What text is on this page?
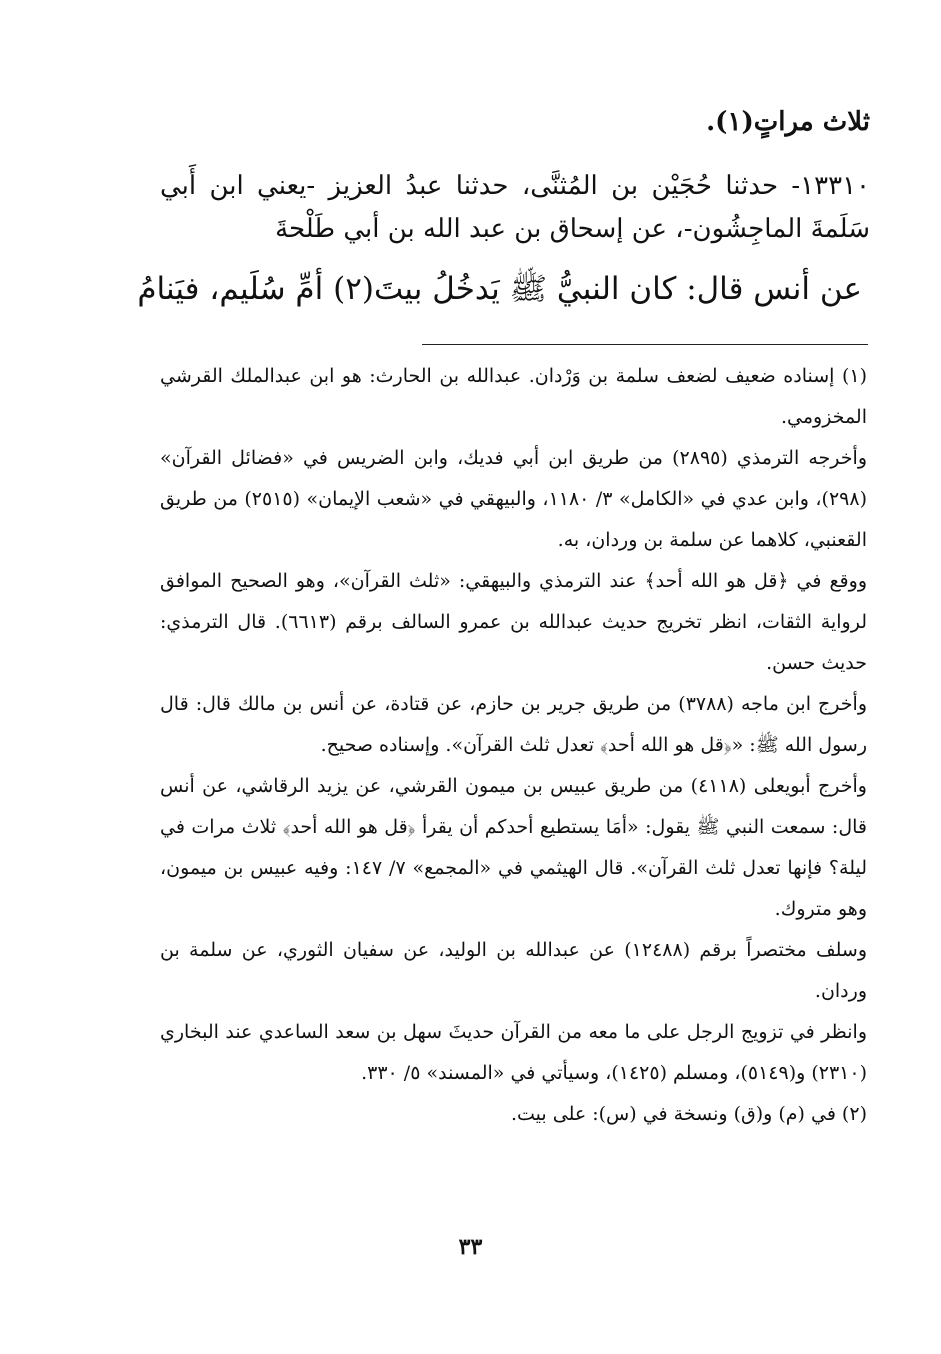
ثلاث مراتٍ(١).
١٣٣١٠- حدثنا حُجَيْن بن المُثنَّى، حدثنا عبدُ العزيز -يعني ابن أَبي سَلَمةَ الماجِشُون-، عن إسحاق بن عبد الله بن أبي طَلْحةَ
عن أنس قال: كان النبيُّ ﷺ يَدخُلُ بيتَ(٢) أمِّ سُلَيم، فيَنامُ

(١) إسناده ضعيف لضعف سلمة بن وَرْدان. عبدالله بن الحارث: هو ابن عبدالملك القرشي المخزومي.

وأخرجه الترمذي (٢٨٩٥) من طريق ابن أبي فديك، وابن الضريس في «فضائل القرآن» (٢٩٨)، وابن عدي في «الكامل» ٣/ ١١٨٠، والبيهقي في «شعب الإيمان» (٢٥١٥) من طريق القعنبي، كلاهما عن سلمة بن وردان، به.

ووقع في ﴿قل هو الله أحد﴾ عند الترمذي والبيهقي: «ثلث القرآن»، وهو الصحيح الموافق لرواية الثقات، انظر تخريج حديث عبدالله بن عمرو السالف برقم (٦٦١٣). قال الترمذي: حديث حسن.

وأخرج ابن ماجه (٣٧٨٨) من طريق جرير بن حازم، عن قتادة، عن أنس بن مالك قال: قال رسول الله ﷺ: «﴿قل هو الله أحد﴾ تعدل ثلث القرآن». وإسناده صحيح.

وأخرج أبويعلى (٤١١٨) من طريق عبيس بن ميمون القرشي، عن يزيد الرقاشي، عن أنس قال: سمعت النبي ﷺ يقول: «أمَا يستطيع أحدكم أن يقرأ ﴿قل هو الله أحد﴾ ثلاث مرات في ليلة؟ فإنها تعدل ثلث القرآن». قال الهيثمي في «المجمع» ٧/ ١٤٧: وفيه عبيس بن ميمون، وهو متروك.

وسلف مختصراً برقم (١٢٤٨٨) عن عبدالله بن الوليد، عن سفيان الثوري، عن سلمة بن وردان.

وانظر في تزويج الرجل على ما معه من القرآن حديثَ سهل بن سعد الساعدي عند البخاري (٢٣١٠) و(٥١٤٩)، ومسلم (١٤٢٥)، وسيأتي في «المسند» ٥/ ٣٣٠.

(٢) في (م) و(ق) ونسخة في (س): على بيت.

٣٣
